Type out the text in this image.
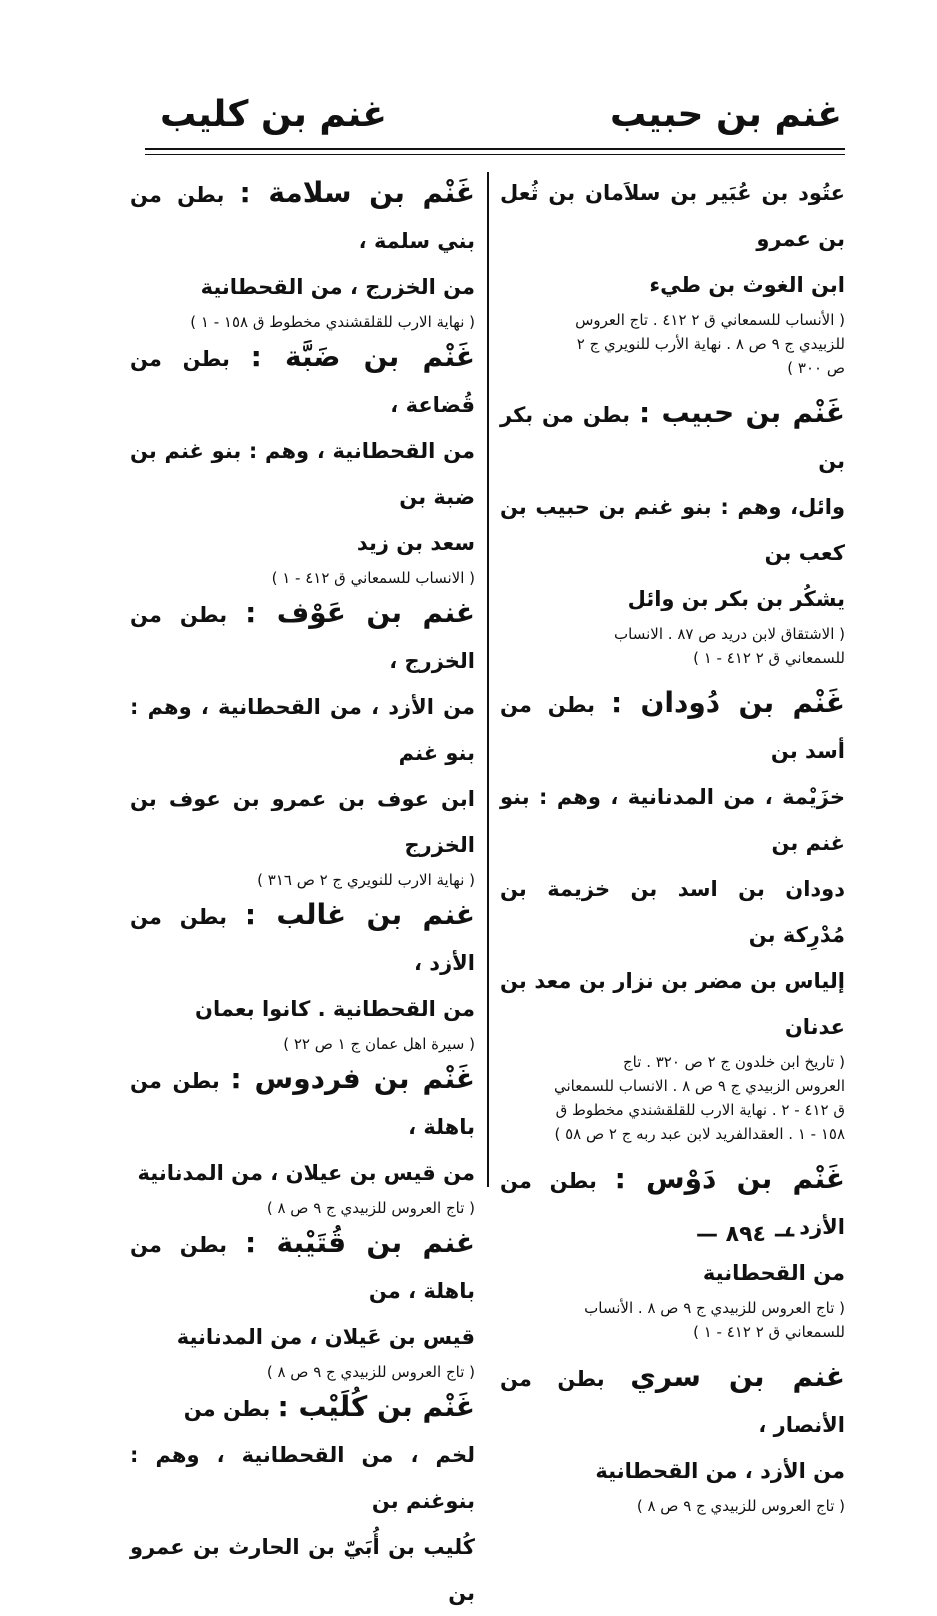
غنم بن حبيب
غنم بن كليب
عتُود بن عُبَير بن سلاَمان بن ثُعل بن عمرو
ابن الغوث بن طيء
( الأنساب للسمعاني ق ٢ ٤١٢ . تاج العروس
للزبيدي ج ٩ ص ٨ . نهاية الأرب للنويري ج ٢
ص ٣٠٠ )
غَنْم بن حبيب : بطن من بكر بن
وائل، وهم : بنو غنم بن حبيب بن كعب بن
يشكُر بن بكر بن وائل
( الاشتقاق لابن دريد ص ٨٧ . الانساب
للسمعاني ق ٢ ٤١٢ - ١ )
غَنْم بن دُودان : بطن من أسد بن
خزَيْمة ، من المدنانية ، وهم : بنو غنم بن
دودان بن اسد بن خزيمة بن مُدْرِكة بن
إلياس بن مضر بن نزار بن معد بن عدنان
( تاريخ ابن خلدون ج ٢ ص ٣٢٠ . تاج
العروس الزبيدي ج ٩ ص ٨ . الانساب للسمعاني
ق ٤١٢ - ٢ . نهاية الارب للقلقشندي مخطوط ق
١٥٨ - ١ . العقدالفريد لابن عبد ربه ج ٢ ص ٥٨ )
غَنْم بن دَوْس : بطن من الأزد ،
من القحطانية
( تاج العروس للزبيدي ج ٩ ص ٨ . الأنساب
للسمعاني ق ٢ ٤١٢ - ١ )
غنم بن سري بطن من الأنصار ،
من الأزد ، من القحطانية
( تاج العروس للزبيدي ج ٩ ص ٨ )
غَنْم بن سلامة : بطن من بني سلمة ،
من الخزرج ، من القحطانية
( نهاية الارب للقلقشندي مخطوط ق ١٥٨ - ١ )
غَنْم بن ضَبَّة : بطن من قُضاعة ،
من القحطانية ، وهم : بنو غنم بن ضبة بن
سعد بن زيد
( الانساب للسمعاني ق ٤١٢ - ١ )
غنم بن عَوْف : بطن من الخزرج ،
من الأزد ، من القحطانية ، وهم : بنو غنم
ابن عوف بن عمرو بن عوف بن الخزرج
( نهاية الارب للنويري ج ٢ ص ٣١٦ )
غنم بن غالب : بطن من الأزد ،
من القحطانية . كانوا بعمان
( سيرة اهل عمان ج ١ ص ٢٢ )
غَنْم بن فردوس : بطن من باهلة ،
من قيس بن عيلان ، من المدنانية
( تاج العروس للزبيدي ج ٩ ص ٨ )
غنم بن قُتَيْبة : بطن من باهلة ، من
قيس بن عَيلان ، من المدنانية
( تاج العروس للزبيدي ج ٩ ص ٨ )
غَنْم بن كُلَيْب : بطن من
لخم ، من القحطانية ، وهم : بنوغنم بن
كُليب بن أُبَيّ بن الحارث بن عمرو بن
— ٨٩٤ —
